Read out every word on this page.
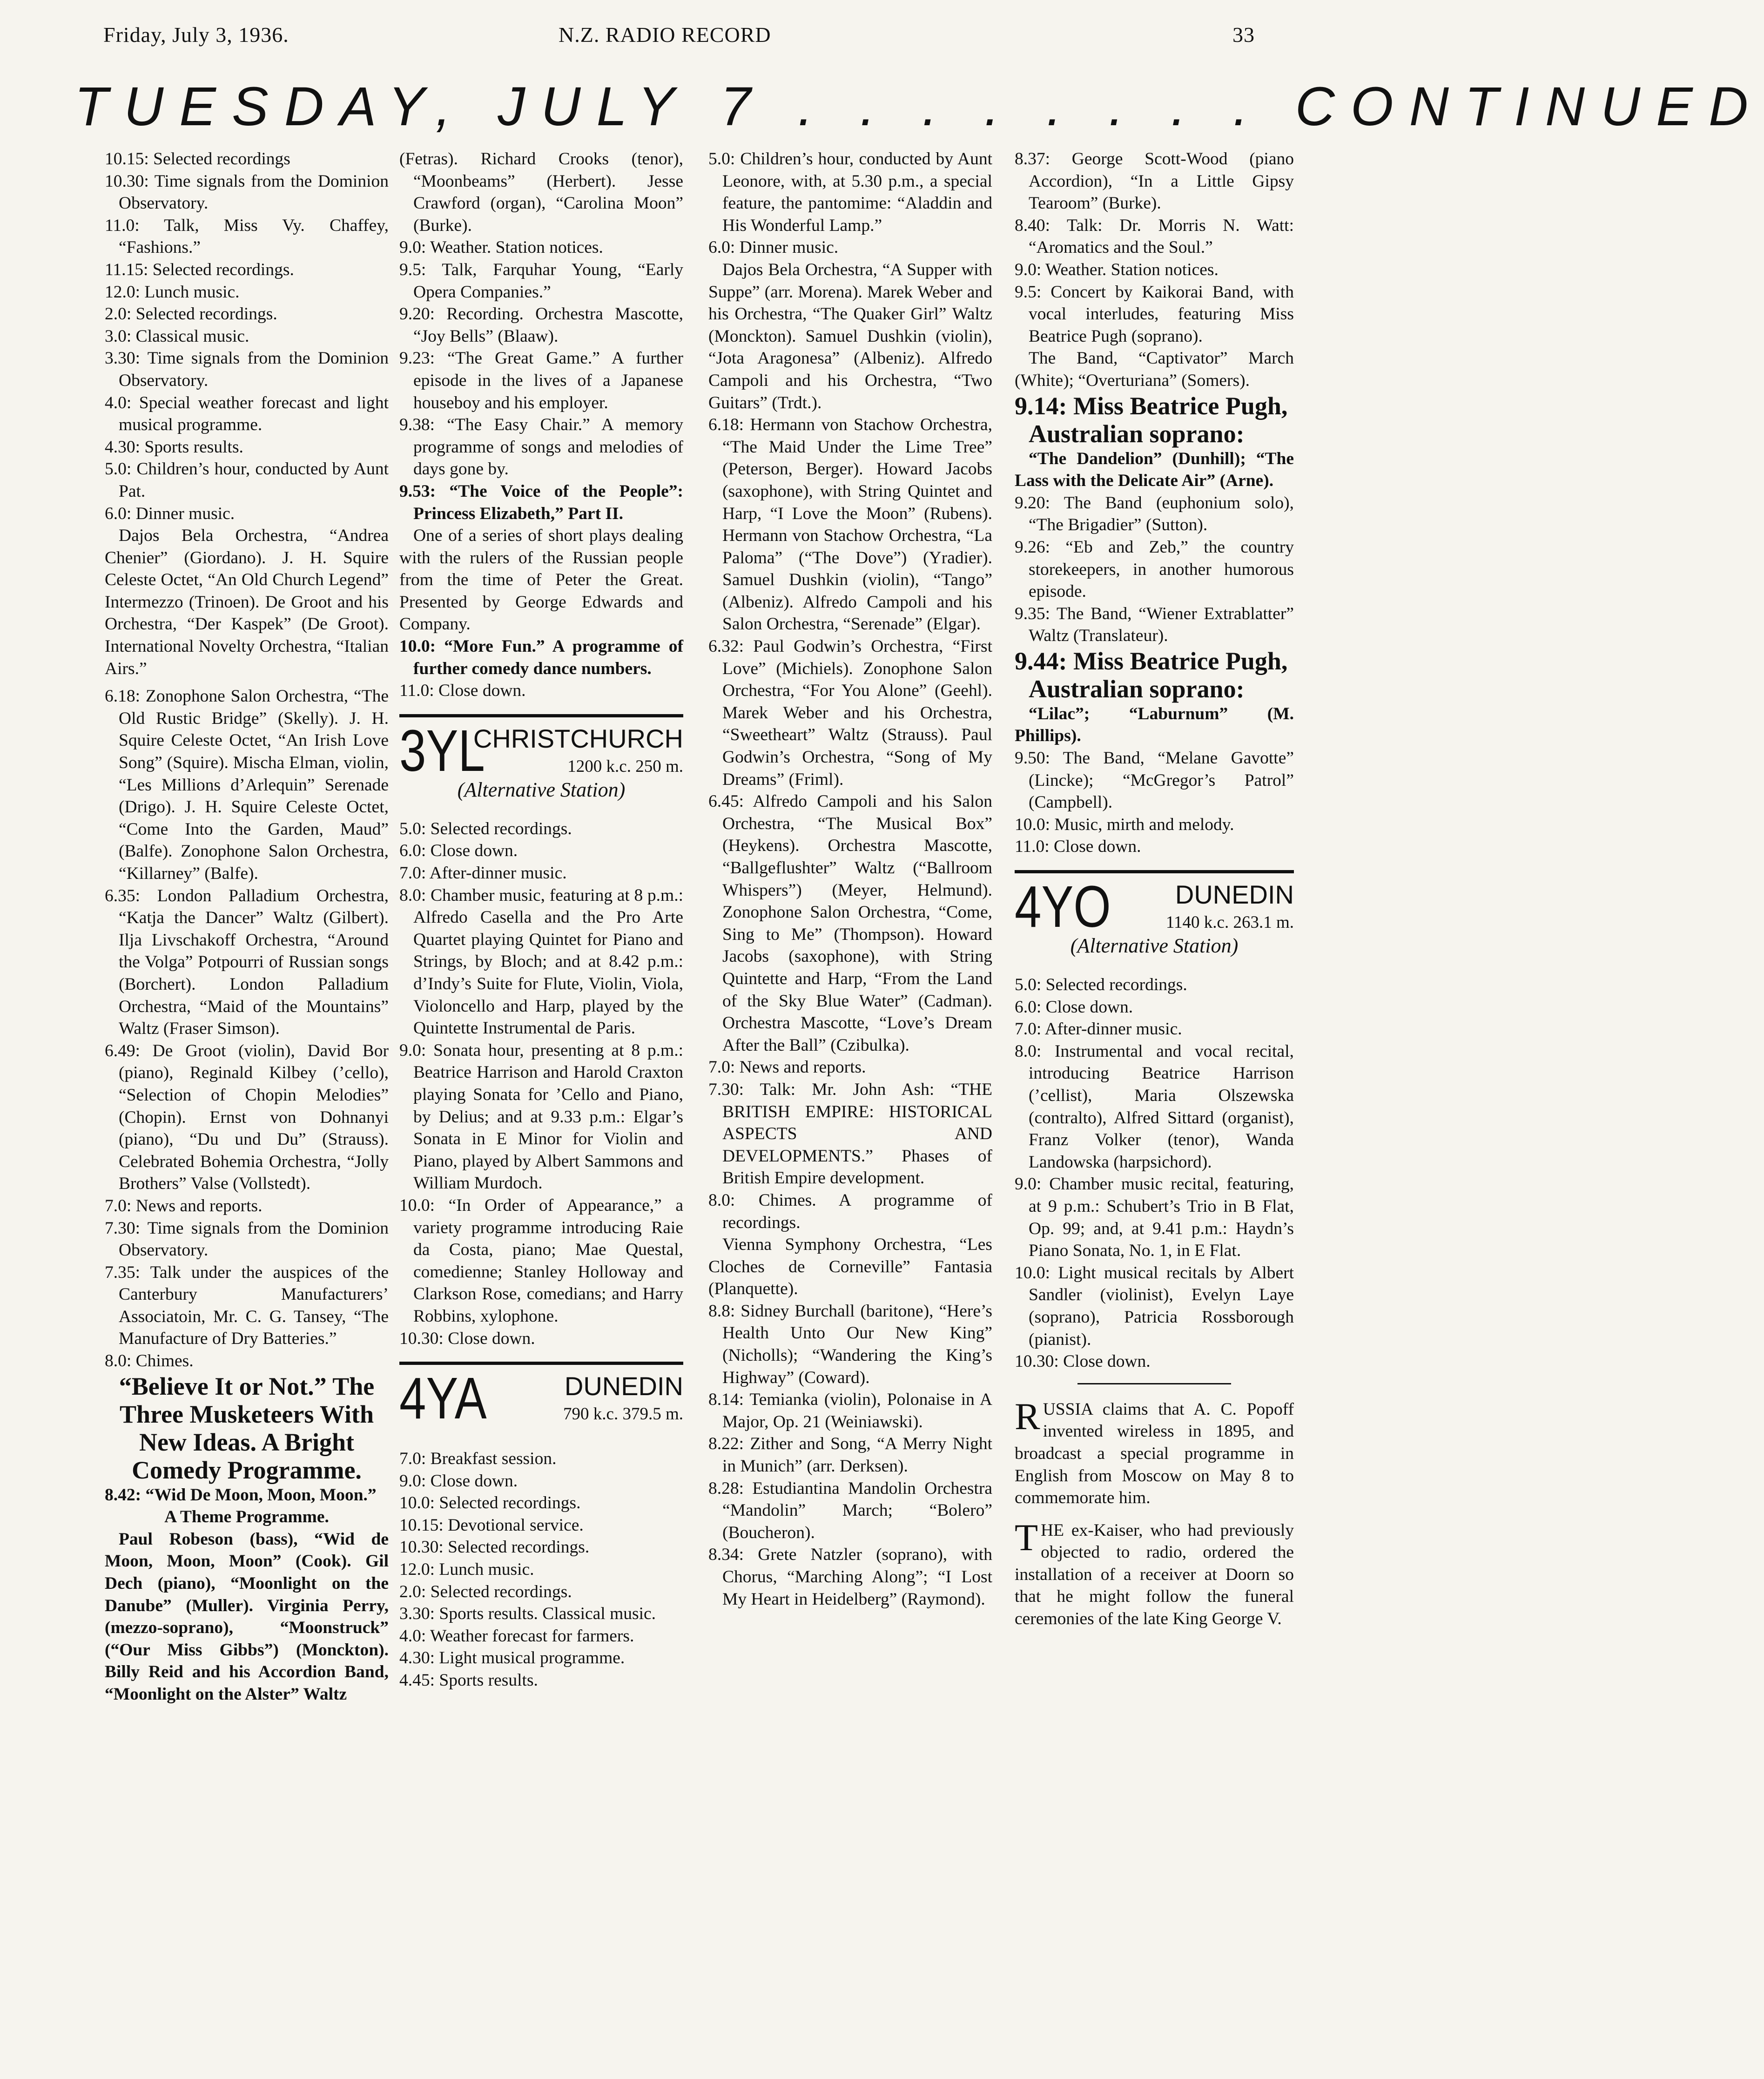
Friday, July 3, 1936.	N.Z. RADIO RECORD	33
TUESDAY, JULY 7 . . . . . . . . CONTINUED

10.15: Selected recordings

10.30: Time signals from the Dominion Observatory.

11.0: Talk, Miss Vy. Chaffey, “Fashions.”

11.15: Selected recordings.

12.0: Lunch music.

2.0: Selected recordings.

3.0: Classical music.

3.30: Time signals from the Dominion Observatory.

4.0: Special weather forecast and light musical programme.

4.30: Sports results.

5.0: Children’s hour, conducted by Aunt Pat.

6.0: Dinner music.

Dajos Bela Orchestra, “Andrea Chenier” (Giordano). J. H. Squire Celeste Octet, “An Old Church Legend” Intermezzo (Trinoen). De Groot and his Orchestra, “Der Kaspek” (De Groot). International Novelty Orchestra, “Italian Airs.”

6.18: Zonophone Salon Orchestra, “The Old Rustic Bridge” (Skelly). J. H. Squire Celeste Octet, “An Irish Love Song” (Squire). Mischa Elman, violin, “Les Millions d’Arlequin” Serenade (Drigo). J. H. Squire Celeste Octet, “Come Into the Garden, Maud” (Balfe). Zonophone Salon Orchestra, “Killarney” (Balfe).

6.35: London Palladium Orchestra, “Katja the Dancer” Waltz (Gilbert). Ilja Livschakoff Orchestra, “Around the Volga” Potpourri of Russian songs (Borchert). London Palladium Orchestra, “Maid of the Mountains” Waltz (Fraser Simson).

6.49: De Groot (violin), David Bor (piano), Reginald Kilbey (’cello), “Selection of Chopin Melodies” (Chopin). Ernst von Dohnanyi (piano), “Du und Du” (Strauss). Celebrated Bohemia Orchestra, “Jolly Brothers” Valse (Vollstedt).

7.0: News and reports.

7.30: Time signals from the Dominion Observatory.

7.35: Talk under the auspices of the Canterbury Manufacturers’ Associatoin, Mr. C. G. Tansey, “The Manufacture of Dry Batteries.”

8.0: Chimes.

“Believe It or Not.” The Three Musketeers With New Ideas. A Bright Comedy Programme.

8.42: “Wid De Moon, Moon, Moon.”

A Theme Programme.

Paul Robeson (bass), “Wid de Moon, Moon, Moon” (Cook). Gil Dech (piano), “Moonlight on the Danube” (Muller). Virginia Perry, (mezzo-soprano), “Moonstruck” (“Our Miss Gibbs”) (Monckton). Billy Reid and his Accordion Band, “Moonlight on the Alster” Waltz

(Fetras). Richard Crooks (tenor), “Moonbeams” (Herbert). Jesse Crawford (organ), “Carolina Moon” (Burke).

9.0: Weather. Station notices.

9.5: Talk, Farquhar Young, “Early Opera Companies.”

9.20: Recording. Orchestra Mascotte, “Joy Bells” (Blaaw).

9.23: “The Great Game.” A further episode in the lives of a Japanese houseboy and his employer.

9.38: “The Easy Chair.” A memory programme of songs and melodies of days gone by.

9.53: “The Voice of the People”: Princess Elizabeth,” Part II.

One of a series of short plays dealing with the rulers of the Russian people from the time of Peter the Great. Presented by George Edwards and Company.

10.0: “More Fun.” A programme of further comedy dance numbers.

11.0: Close down.

3YL
CHRISTCHURCH
1200 k.c. 250 m.
(Alternative Station)

5.0: Selected recordings.

6.0: Close down.

7.0: After-dinner music.

8.0: Chamber music, featuring at 8 p.m.: Alfredo Casella and the Pro Arte Quartet playing Quintet for Piano and Strings, by Bloch; and at 8.42 p.m.: d’Indy’s Suite for Flute, Violin, Viola, Violoncello and Harp, played by the Quintette Instrumental de Paris.

9.0: Sonata hour, presenting at 8 p.m.: Beatrice Harrison and Harold Craxton playing Sonata for ’Cello and Piano, by Delius; and at 9.33 p.m.: Elgar’s Sonata in E Minor for Violin and Piano, played by Albert Sammons and William Murdoch.

10.0: “In Order of Appearance,” a variety programme introducing Raie da Costa, piano; Mae Questal, comedienne; Stanley Holloway and Clarkson Rose, comedians; and Harry Robbins, xylophone.

10.30: Close down.

4YA	DUNEDIN
790 k.c. 379.5 m.

7.0: Breakfast session.

9.0: Close down.

10.0: Selected recordings.

10.15: Devotional service.

10.30: Selected recordings.

12.0: Lunch music.

2.0: Selected recordings.

3.30: Sports results. Classical music.

4.0: Weather forecast for farmers.

4.30: Light musical programme.

4.45: Sports results.

5.0: Children’s hour, conducted by Aunt Leonore, with, at 5.30 p.m., a special feature, the pantomime: “Aladdin and His Wonderful Lamp.”

6.0: Dinner music.

Dajos Bela Orchestra, “A Supper with Suppe” (arr. Morena). Marek Weber and his Orchestra, “The Quaker Girl” Waltz (Monckton). Samuel Dushkin (violin), “Jota Aragonesa” (Albeniz). Alfredo Campoli and his Orchestra, “Two Guitars” (Trdt.).

6.18: Hermann von Stachow Orchestra, “The Maid Under the Lime Tree” (Peterson, Berger). Howard Jacobs (saxophone), with String Quintet and Harp, “I Love the Moon” (Rubens). Hermann von Stachow Orchestra, “La Paloma” (“The Dove”) (Yradier). Samuel Dushkin (violin), “Tango” (Albeniz). Alfredo Campoli and his Salon Orchestra, “Serenade” (Elgar).

6.32: Paul Godwin’s Orchestra, “First Love” (Michiels). Zonophone Salon Orchestra, “For You Alone” (Geehl). Marek Weber and his Orchestra, “Sweetheart” Waltz (Strauss). Paul Godwin’s Orchestra, “Song of My Dreams” (Friml).

6.45: Alfredo Campoli and his Salon Orchestra, “The Musical Box” (Heykens). Orchestra Mascotte, “Ballgeflushter” Waltz (“Ballroom Whispers”) (Meyer, Helmund). Zonophone Salon Orchestra, “Come, Sing to Me” (Thompson). Howard Jacobs (saxophone), with String Quintette and Harp, “From the Land of the Sky Blue Water” (Cadman). Orchestra Mascotte, “Love’s Dream After the Ball” (Czibulka).

7.0: News and reports.

7.30: Talk: Mr. John Ash: “THE BRITISH EMPIRE: HISTORICAL ASPECTS AND DEVELOPMENTS.” Phases of British Empire development.

8.0: Chimes. A programme of recordings.

Vienna Symphony Orchestra, “Les Cloches de Corneville” Fantasia (Planquette).

8.8: Sidney Burchall (baritone), “Here’s Health Unto Our New King” (Nicholls); “Wandering the King’s Highway” (Coward).

8.14: Temianka (violin), Polonaise in A Major, Op. 21 (Weiniawski).

8.22: Zither and Song, “A Merry Night in Munich” (arr. Derksen).

8.28: Estudiantina Mandolin Orchestra “Mandolin” March; “Bolero” (Boucheron).

8.34: Grete Natzler (soprano), with Chorus, “Marching Along”; “I Lost My Heart in Heidelberg” (Raymond).

8.37: George Scott-Wood (piano Accordion), “In a Little Gipsy Tearoom” (Burke).

8.40: Talk: Dr. Morris N. Watt: “Aromatics and the Soul.”

9.0: Weather. Station notices.

9.5: Concert by Kaikorai Band, with vocal interludes, featuring Miss Beatrice Pugh (soprano).

The Band, “Captivator” March (White); “Overturiana” (Somers).

9.14: Miss Beatrice Pugh, Australian soprano:

“The Dandelion” (Dunhill); “The Lass with the Delicate Air” (Arne).

9.20: The Band (euphonium solo), “The Brigadier” (Sutton).

9.26: “Eb and Zeb,” the country storekeepers, in another humorous episode.

9.35: The Band, “Wiener Extrablatter” Waltz (Translateur).

9.44: Miss Beatrice Pugh, Australian soprano:

“Lilac”; “Laburnum” (M. Phillips).

9.50: The Band, “Melane Gavotte” (Lincke); “McGregor’s Patrol” (Campbell).

10.0: Music, mirth and melody.

11.0: Close down.

4YO DUNEDIN
1140 k.c. 263.1 m.
(Alternative Station)

5.0: Selected recordings.

6.0: Close down.

7.0: After-dinner music.

8.0: Instrumental and vocal recital, introducing Beatrice Harrison (’cellist), Maria Olszewska (contralto), Alfred Sittard (organist), Franz Volker (tenor), Wanda Landowska (harpsichord).

9.0: Chamber music recital, featuring, at 9 p.m.: Schubert’s Trio in B Flat, Op. 99; and, at 9.41 p.m.: Haydn’s Piano Sonata, No. 1, in E Flat.

10.0: Light musical recitals by Albert Sandler (violinist), Evelyn Laye (soprano), Patricia Rossborough (pianist).

10.30: Close down.

RUSSIA claims that A. C. Popoff invented wireless in 1895, and broadcast a special programme in English from Moscow on May 8 to commemorate him.

THE ex-Kaiser, who had previously objected to radio, ordered the installation of a receiver at Doorn so that he might follow the funeral ceremonies of the late King George V.
